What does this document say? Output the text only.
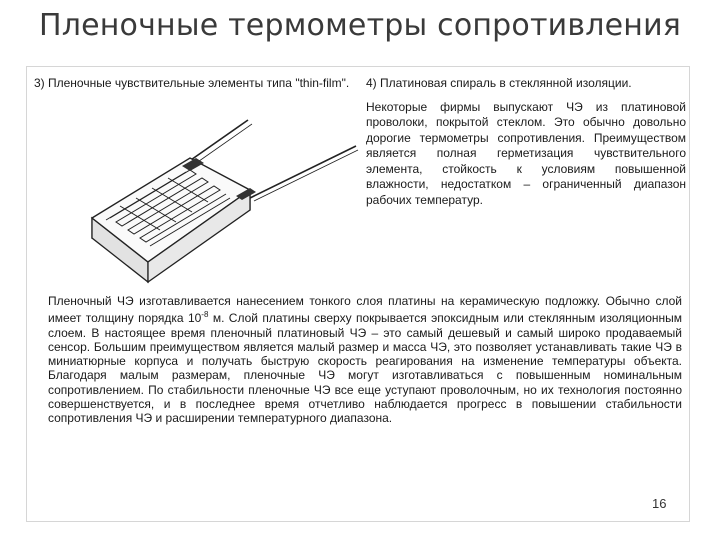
Пленочные термометры сопротивления
3) Пленочные чувствительные элементы типа "thin-film".	4) Платиновая спираль в стеклянной изоляции.
Некоторые фирмы выпускают ЧЭ из платиновой проволоки, покрытой стеклом. Это обычно довольно дорогие термометры сопротивления. Преимуществом является полная герметизация чувствительного элемента, стойкость к условиям повышенной влажности, недостатком – ограниченный диапазон рабочих температур.
Пленочный ЧЭ изготавливается нанесением тонкого слоя платины на керамическую подложку. Обычно слой имеет толщину порядка $10^{-8}$ м. Слой платины сверху покрывается эпоксидным или стеклянным изоляционным слоем. В настоящее время пленочный платиновый ЧЭ – это самый дешевый и самый широко продаваемый сенсор. Большим преимуществом является малый размер и масса ЧЭ, это позволяет устанавливать такие ЧЭ в миниатюрные корпуса и получать быструю скорость реагирования на изменение температуры объекта. Благодаря малым размерам, пленочные ЧЭ могут изготавливаться с повышенным номинальным сопротивлением. По стабильности пленочные ЧЭ все еще уступают проволочным, но их технология постоянно совершенствуется, и в последнее время отчетливо наблюдается прогресс в повышении стабильности сопротивления ЧЭ и расширении температурного диапазона.
16
